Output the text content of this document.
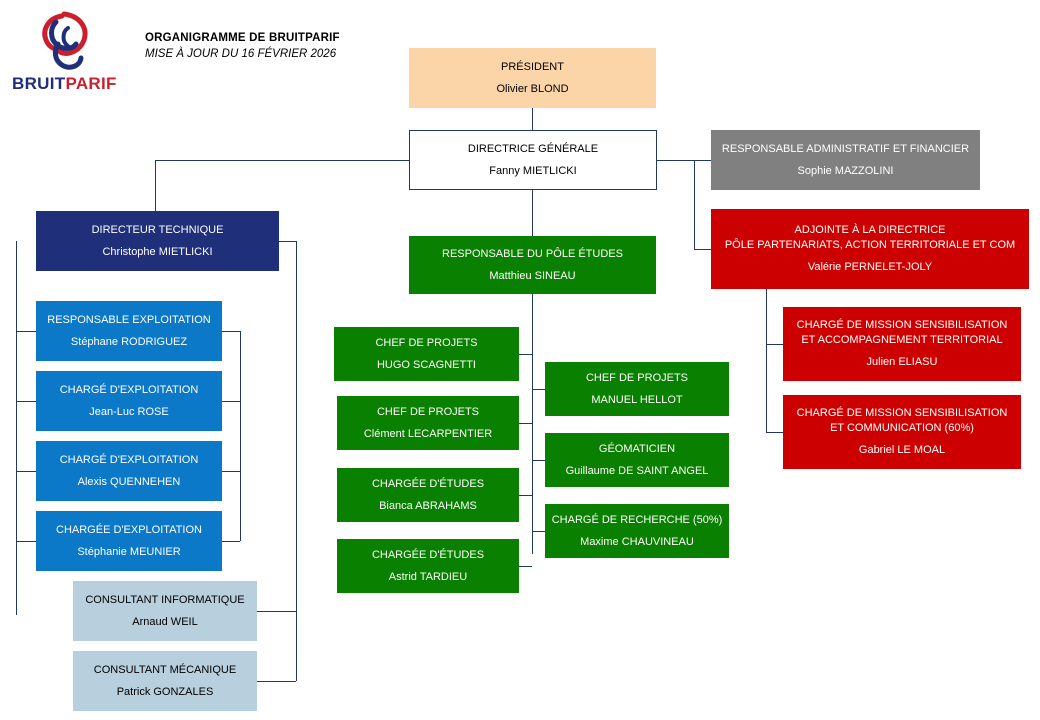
BRUITPARIF
ORGANIGRAMME DE BRUITPARIF
MISE À JOUR DU 16 FÉVRIER 2026
PRÉSIDENT
Olivier BLOND
DIRECTRICE GÉNÉRALE
Fanny MIETLICKI
RESPONSABLE ADMINISTRATIF ET FINANCIER
Sophie MAZZOLINI
DIRECTEUR TECHNIQUE
Christophe MIETLICKI	RESPONSABLE DU PÔLE ÉTUDES
Matthieu SINEAU
ADJOINTE À LA DIRECTRICE
PÔLE PARTENARIATS, ACTION TERRITORIALE ET COM
Valérie PERNELET-JOLY
RESPONSABLE EXPLOITATION
Stéphane RODRIGUEZ
CHARGÉ D'EXPLOITATION
Jean-Luc ROSE
CHARGÉ D'EXPLOITATION
Alexis QUENNEHEN
CHARGÉE D'EXPLOITATION
Stéphanie MEUNIER
CONSULTANT INFORMATIQUE
Arnaud WEIL
CONSULTANT MÉCANIQUE
Patrick GONZALES
CHEF DE PROJETS
HUGO SCAGNETTI
CHEF DE PROJETS
Clément LECARPENTIER
CHARGÉE D'ÉTUDES
Bianca ABRAHAMS
CHARGÉE D'ÉTUDES
Astrid TARDIEU
CHEF DE PROJETS
MANUEL HELLOT
GÉOMATICIEN
Guillaume DE SAINT ANGEL
CHARGÉ DE RECHERCHE (50%)
Maxime CHAUVINEAU
CHARGÉ DE MISSION SENSIBILISATION
ET ACCOMPAGNEMENT TERRITORIAL
Julien ELIASU
CHARGÉ DE MISSION SENSIBILISATION
ET COMMUNICATION (60%)
Gabriel LE MOAL
